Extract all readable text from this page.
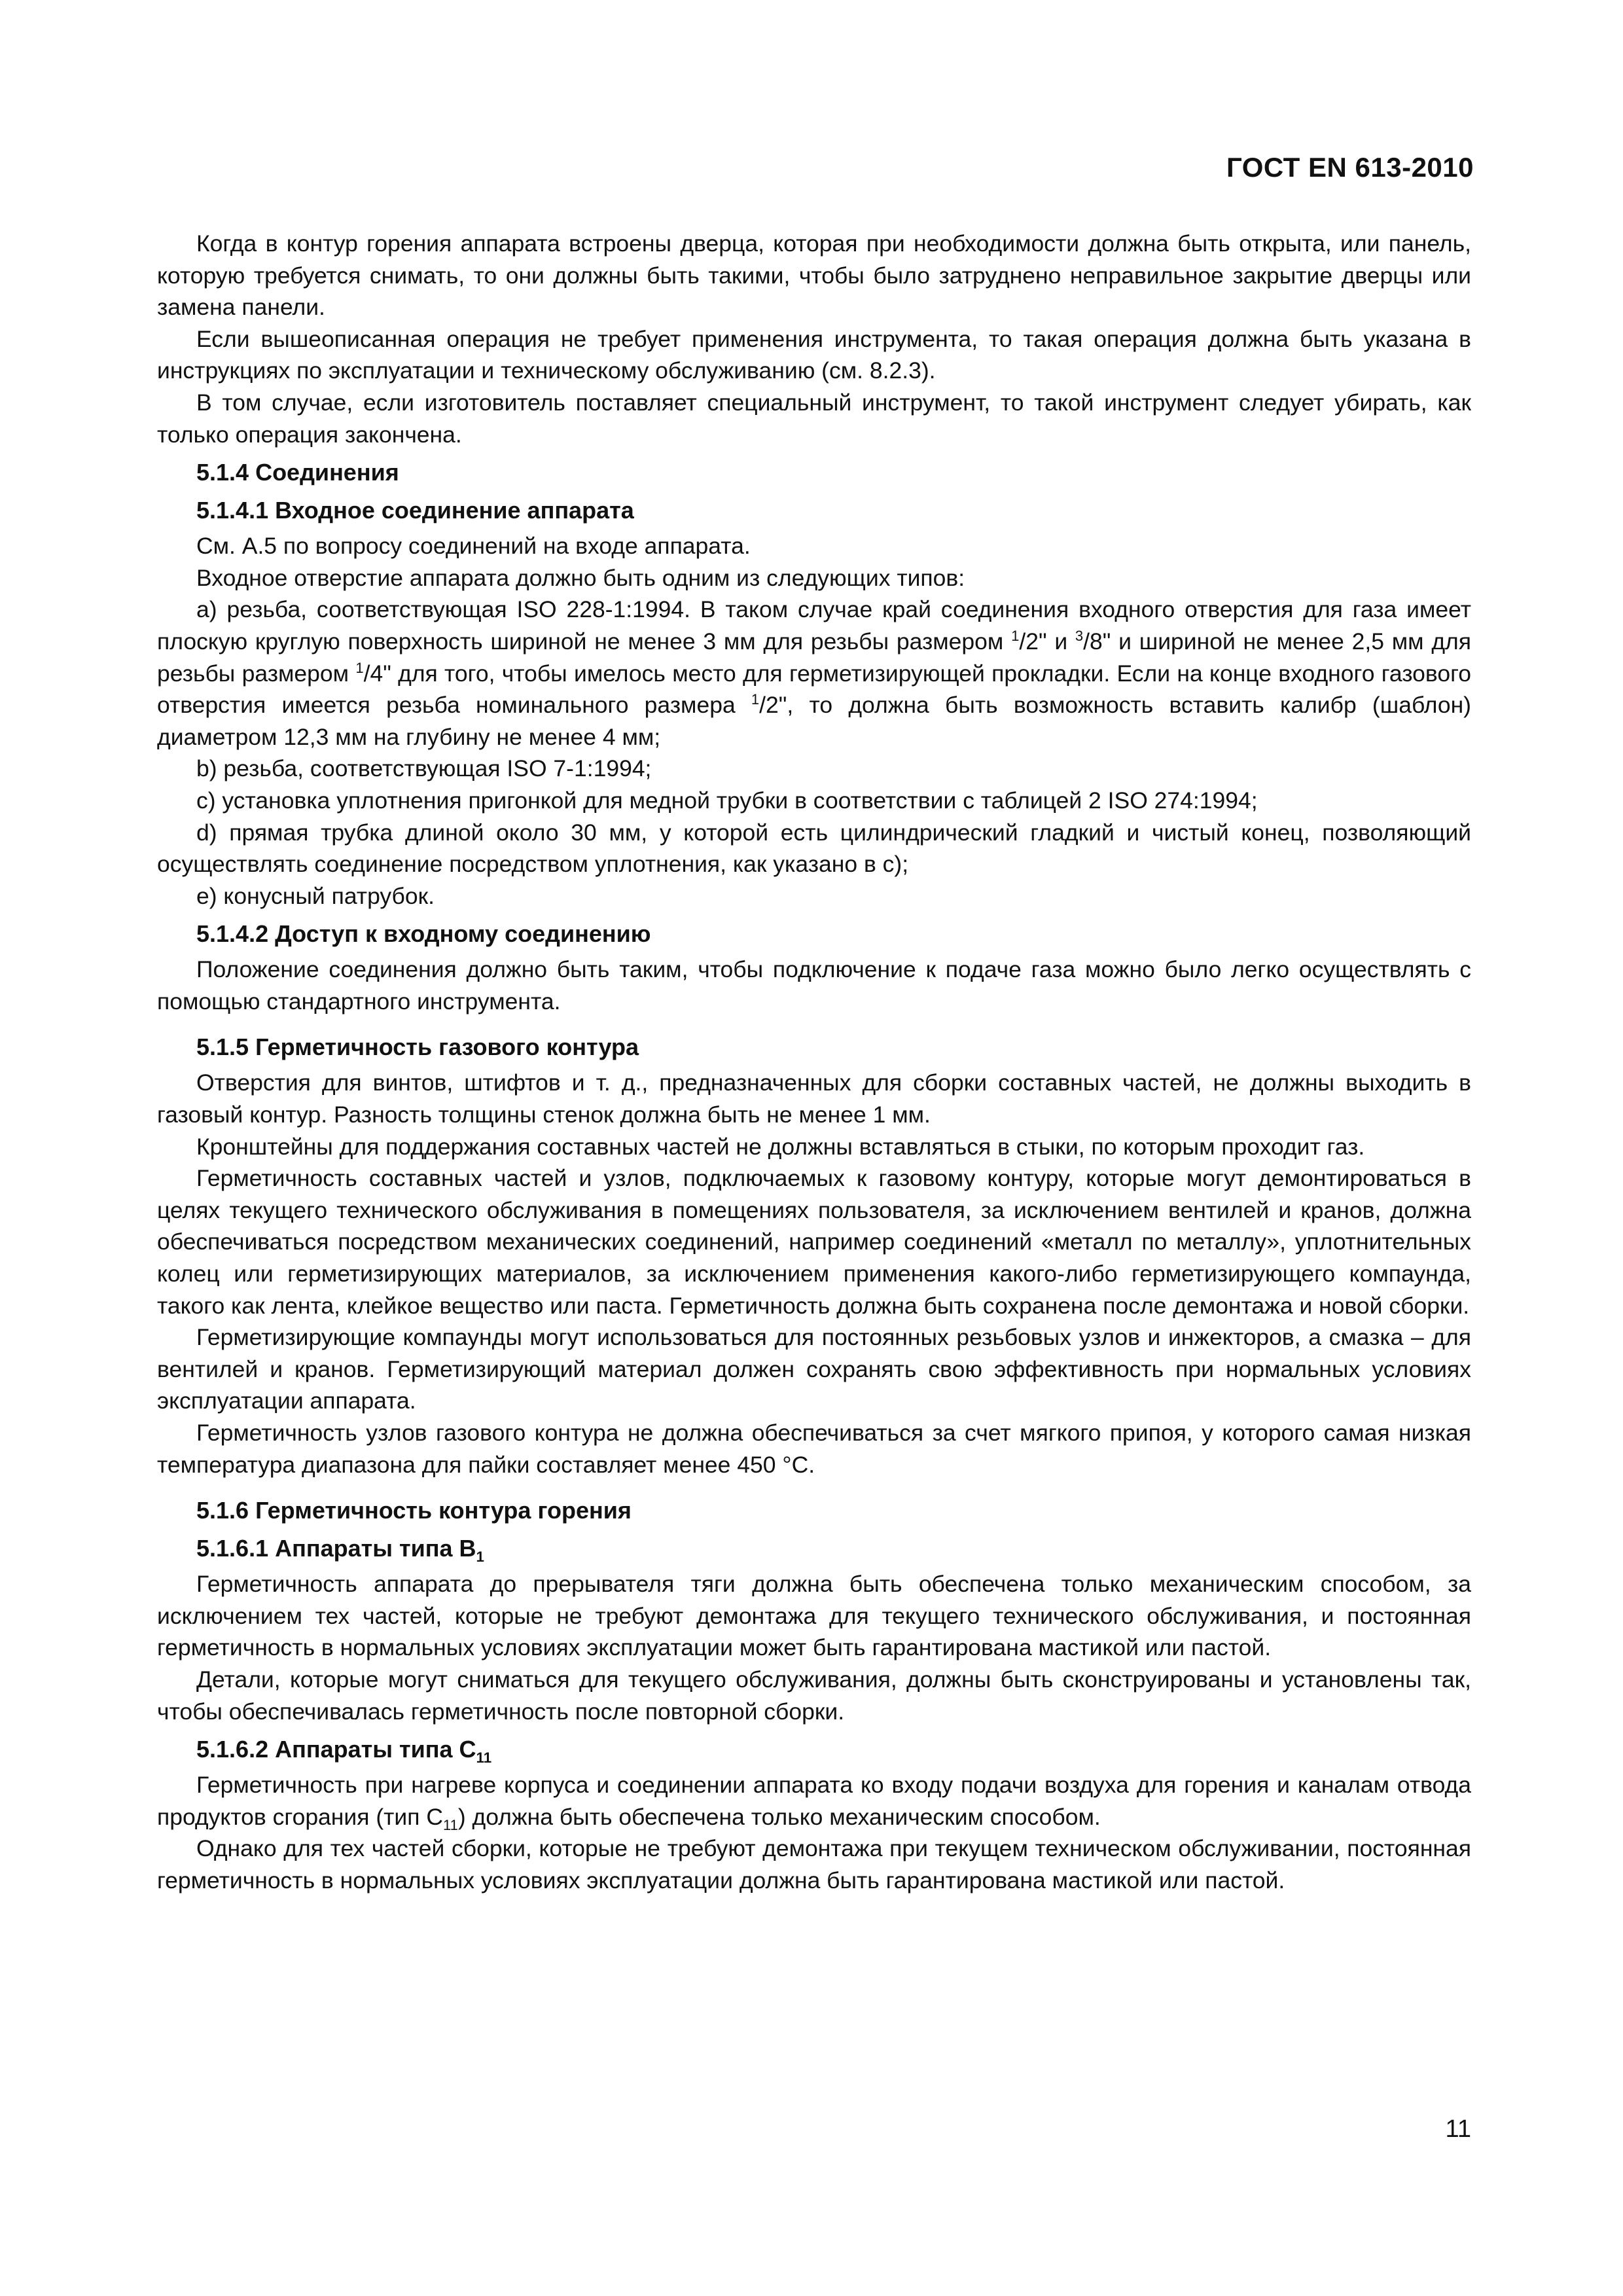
ГОСТ EN 613-2010

Когда в контур горения аппарата встроены дверца, которая при необходимости должна быть открыта, или панель, которую требуется снимать, то они должны быть такими, чтобы было затруднено неправильное закрытие дверцы или замена панели.

Если вышеописанная операция не требует применения инструмента, то такая операция должна быть указана в инструкциях по эксплуатации и техническому обслуживанию (см. 8.2.3).

В том случае, если изготовитель поставляет специальный инструмент, то такой инструмент следует убирать, как только операция закончена.

5.1.4 Соединения
5.1.4.1 Входное соединение аппарата

См. А.5 по вопросу соединений на входе аппарата.

Входное отверстие аппарата должно быть одним из следующих типов:

а) резьба, соответствующая ISO 228-1:1994. В таком случае край соединения входного отверстия для газа имеет плоскую круглую поверхность шириной не менее 3 мм для резьбы размером $^1$/2" и $^3$/8" и шириной не менее 2,5 мм для резьбы размером $^1$/4" для того, чтобы имелось место для герметизирующей прокладки. Если на конце входного газового отверстия имеется резьба номинального размера $^1$/2", то должна быть возможность вставить калибр (шаблон) диаметром 12,3 мм на глубину не менее 4 мм;

b) резьба, соответствующая ISO 7-1:1994;

с) установка уплотнения пригонкой для медной трубки в соответствии с таблицей 2 ISO 274:1994;

d) прямая трубка длиной около 30 мм, у которой есть цилиндрический гладкий и чистый конец, позволяющий осуществлять соединение посредством уплотнения, как указано в с);

е) конусный патрубок.

5.1.4.2 Доступ к входному соединению

Положение соединения должно быть таким, чтобы подключение к подаче газа можно было легко осуществлять с помощью стандартного инструмента.

5.1.5 Герметичность газового контура

Отверстия для винтов, штифтов и т. д., предназначенных для сборки составных частей, не должны выходить в газовый контур. Разность толщины стенок должна быть не менее 1 мм.

Кронштейны для поддержания составных частей не должны вставляться в стыки, по которым проходит газ.

Герметичность составных частей и узлов, подключаемых к газовому контуру, которые могут демонтироваться в целях текущего технического обслуживания в помещениях пользователя, за исключением вентилей и кранов, должна обеспечиваться посредством механических соединений, например соединений «металл по металлу», уплотнительных колец или герметизирующих материалов, за исключением применения какого-либо герметизирующего компаунда, такого как лента, клейкое вещество или паста. Герметичность должна быть сохранена после демонтажа и новой сборки.

Герметизирующие компаунды могут использоваться для постоянных резьбовых узлов и инжекторов, а смазка – для вентилей и кранов. Герметизирующий материал должен сохранять свою эффективность при нормальных условиях эксплуатации аппарата.

Герметичность узлов газового контура не должна обеспечиваться за счет мягкого припоя, у которого самая низкая температура диапазона для пайки составляет менее 450 °С.

5.1.6 Герметичность контура горения
5.1.6.1 Аппараты типа $В_1$

Герметичность аппарата до прерывателя тяги должна быть обеспечена только механическим способом, за исключением тех частей, которые не требуют демонтажа для текущего технического обслуживания, и постоянная герметичность в нормальных условиях эксплуатации может быть гарантирована мастикой или пастой.

Детали, которые могут сниматься для текущего обслуживания, должны быть сконструированы и установлены так, чтобы обеспечивалась герметичность после повторной сборки.

5.1.6.2 Аппараты типа $С_{11}$

Герметичность при нагреве корпуса и соединении аппарата ко входу подачи воздуха для горения и каналам отвода продуктов сгорания (тип $С_{11}$) должна быть обеспечена только механическим способом.

Однако для тех частей сборки, которые не требуют демонтажа при текущем техническом обслуживании, постоянная герметичность в нормальных условиях эксплуатации должна быть гарантирована мастикой или пастой.

11
